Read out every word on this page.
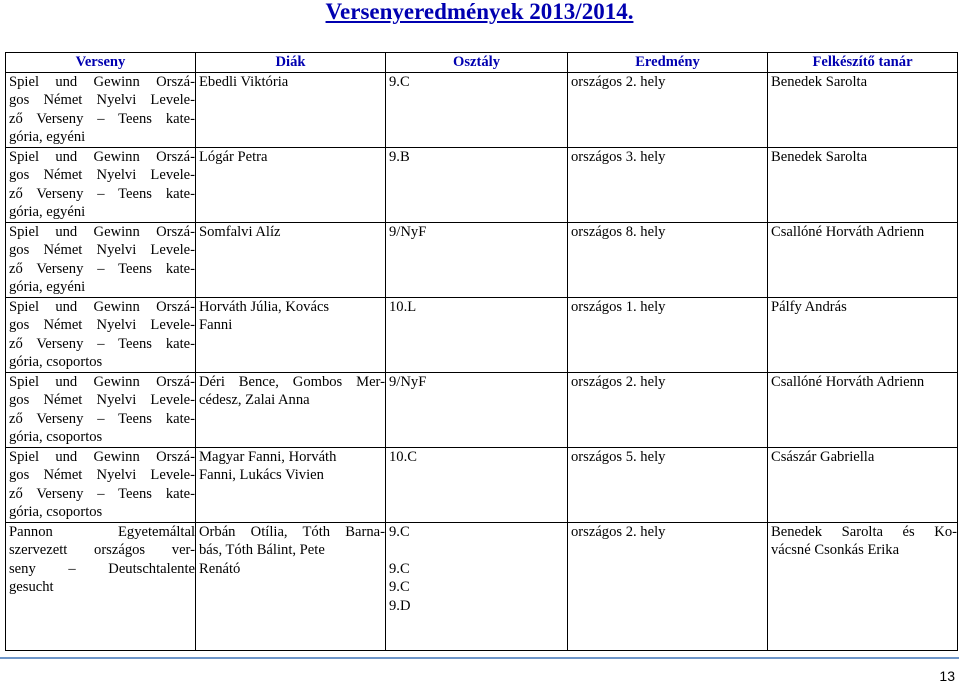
Versenyeredmények 2013/2014.
Verseny	Diák	Osztály	Eredmény	Felkészítő tanár

Spiel und Gewinn Orszá-
gos Német Nyelvi Levele-
ző Verseny – Teens kate-
gória, egyéni	Ebedli Viktória	9.C	országos 2. hely	Benedek Sarolta

Spiel und Gewinn Orszá-
gos Német Nyelvi Levele-
ző Verseny – Teens kate-
gória, egyéni	Lógár Petra	9.B	országos 3. hely	Benedek Sarolta

Spiel und Gewinn Orszá-
gos Német Nyelvi Levele-
ző Verseny – Teens kate-
gória, egyéni	Somfalvi Alíz	9/NyF	országos 8. hely	Csallóné Horváth Adrienn

Spiel und Gewinn Orszá-
gos Német Nyelvi Levele-
ző Verseny – Teens kate-
gória, csoportos	Horváth Júlia, Kovács
Fanni	10.L	országos 1. hely	Pálfy András

Spiel und Gewinn Orszá-
gos Német Nyelvi Levele-
ző Verseny – Teens kate-
gória, csoportos	Déri Bence, Gombos Mer-
cédesz, Zalai Anna	9/NyF	országos 2. hely	Csallóné Horváth Adrienn

Spiel und Gewinn Orszá-
gos Német Nyelvi Levele-
ző Verseny – Teens kate-
gória, csoportos	Magyar Fanni, Horváth
Fanni, Lukács Vivien	10.C	országos 5. hely	Császár Gabriella

Pannon Egyetemáltal
szervezett országos ver-
seny – Deutschtalente
gesucht	Orbán Otília, Tóth Barna-
bás, Tóth Bálint, Pete
Renátó	9.C
9.C
9.C
9.D	országos 2. hely	Benedek Sarolta és Ko-
vácsné Csonkás Erika
13
